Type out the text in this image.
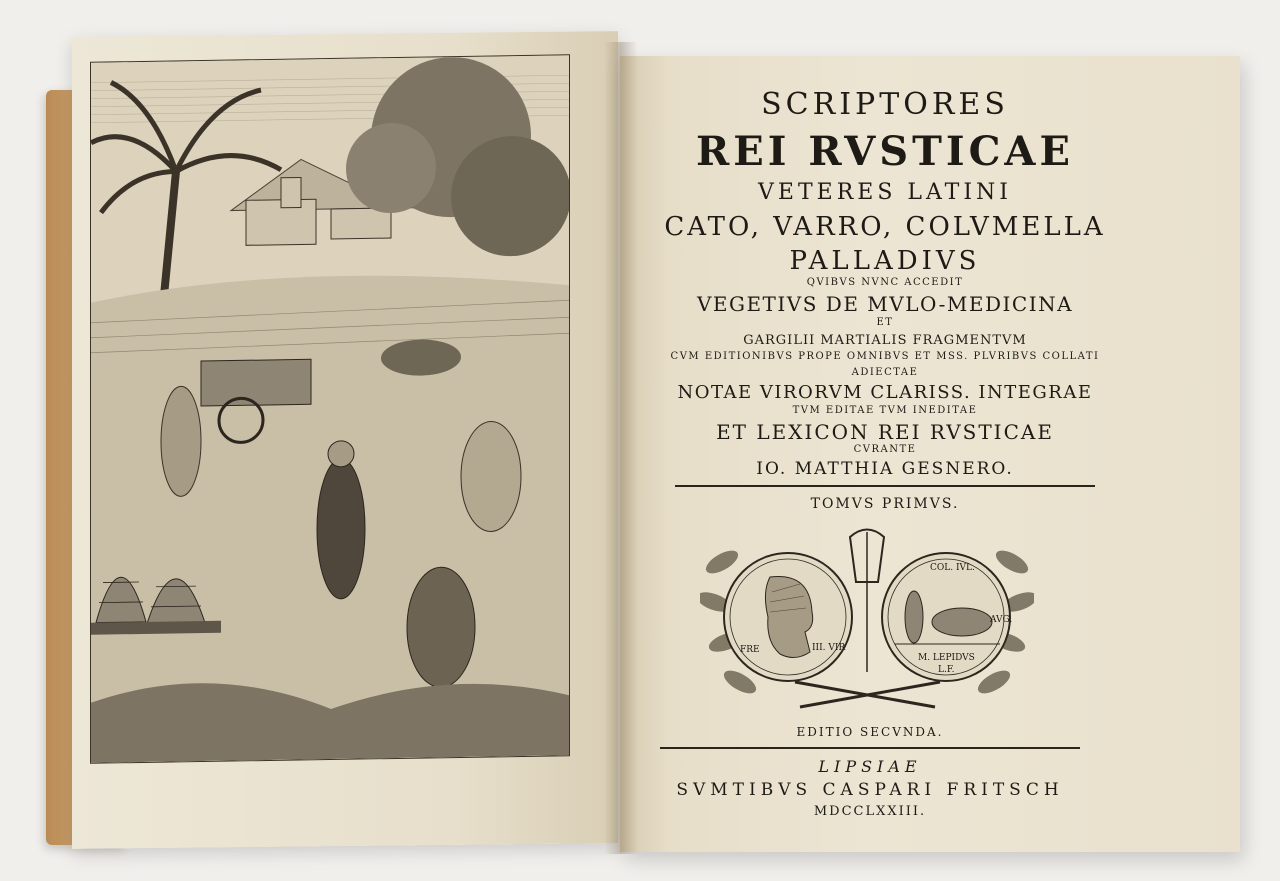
SCRIPTORES
REI RVSTICAE
VETERES LATINI
CATO, VARRO, COLVMELLA
PALLADIVS
QVIBVS NVNC ACCEDIT
VEGETIVS DE MVLO-MEDICINA
ET
GARGILII MARTIALIS FRAGMENTVM
CVM EDITIONIBVS PROPE OMNIBVS ET MSS. PLVRIBVS COLLATI
ADIECTAE
NOTAE VIRORVM CLARISS. INTEGRAE
TVM EDITAE TVM INEDITAE
ET LEXICON REI RVSTICAE
CVRANTE
IO. MATTHIA GESNERO.
TOMVS PRIMVS.
FRE	III. VIR
COL. IVL.
AVG.
M. LEPIDVS
L.F.
EDITIO SECVNDA.
LIPSIAE
SVMTIBVS CASPARI FRITSCH
MDCCLXXIII.
